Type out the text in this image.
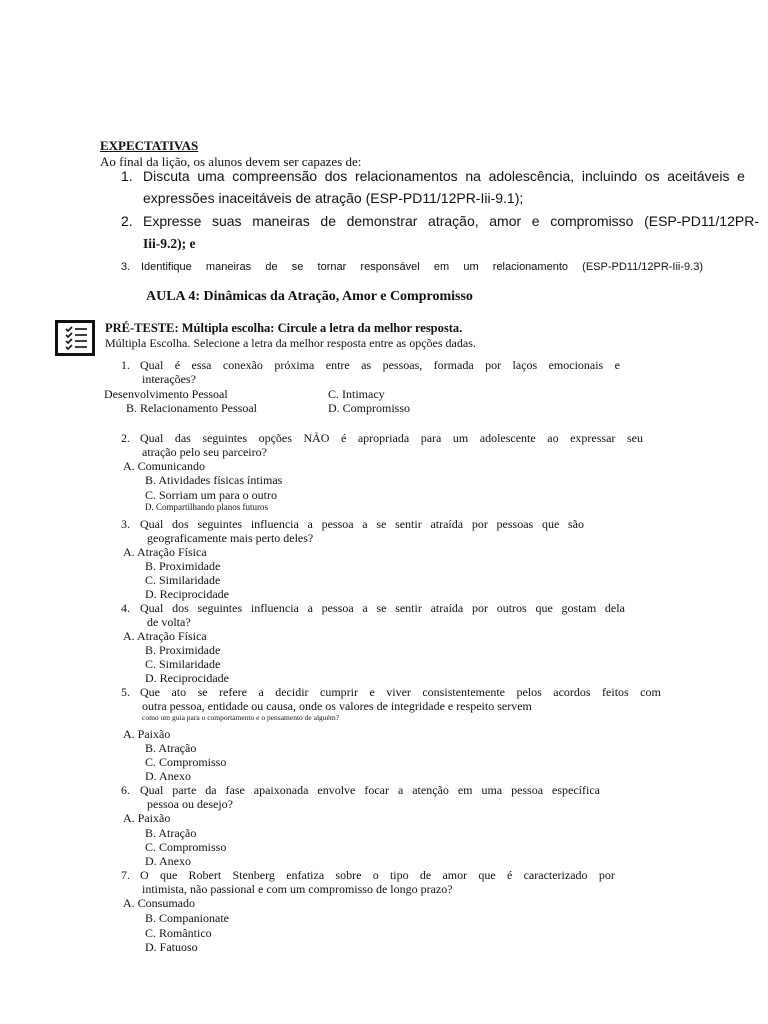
EXPECTATIVAS
Ao final da lição, os alunos devem ser capazes de:
1. Discuta uma compreensão dos relacionamentos na adolescência, incluindo os aceitáveis e
expressões inaceitáveis de atração (ESP-PD11/12PR-Iii-9.1);
2. Expresse suas maneiras de demonstrar atração, amor e compromisso (ESP-PD11/12PR-
Iii-9.2); e
3. Identifique maneiras de se tornar responsável em um relacionamento (ESP-PD11/12PR-Iii-9.3)
AULA 4: Dinâmicas da Atração, Amor e Compromisso
PRÉ-TESTE: Múltipla escolha: Circule a letra da melhor resposta.
Múltipla Escolha. Selecione a letra da melhor resposta entre as opções dadas.
1. Qual é essa conexão próxima entre as pessoas, formada por laços emocionais e
interações?
Desenvolvimento Pessoal
B. Relacionamento Pessoal
C. Intimacy
D. Compromisso
2. Qual das seguintes opções NÃO é apropriada para um adolescente ao expressar seu
atração pelo seu parceiro?
A. Comunicando
B. Atividades físicas íntimas
C. Sorriam um para o outro
D. Compartilhando planos futuros
3. Qual dos seguintes influencia a pessoa a se sentir atraída por pessoas que são
geograficamente mais perto deles?
A. Atração Física
B. Proximidade
C. Similaridade
D. Reciprocidade
4. Qual dos seguintes influencia a pessoa a se sentir atraída por outros que gostam dela
de volta?
A. Atração Física
B. Proximidade
C. Similaridade
D. Reciprocidade
5. Que ato se refere a decidir cumprir e viver consistentemente pelos acordos feitos com
outra pessoa, entidade ou causa, onde os valores de integridade e respeito servem
como um guia para o comportamento e o pensamento de alguém?
A. Paixão
B. Atração
C. Compromisso
D. Anexo
6. Qual parte da fase apaixonada envolve focar a atenção em uma pessoa específica
pessoa ou desejo?
A. Paixão
B. Atração
C. Compromisso
D. Anexo
7. O que Robert Stenberg enfatiza sobre o tipo de amor que é caracterizado por
intimista, não passional e com um compromisso de longo prazo?
A. Consumado
B. Companionate
C. Romântico
D. Fatuoso
